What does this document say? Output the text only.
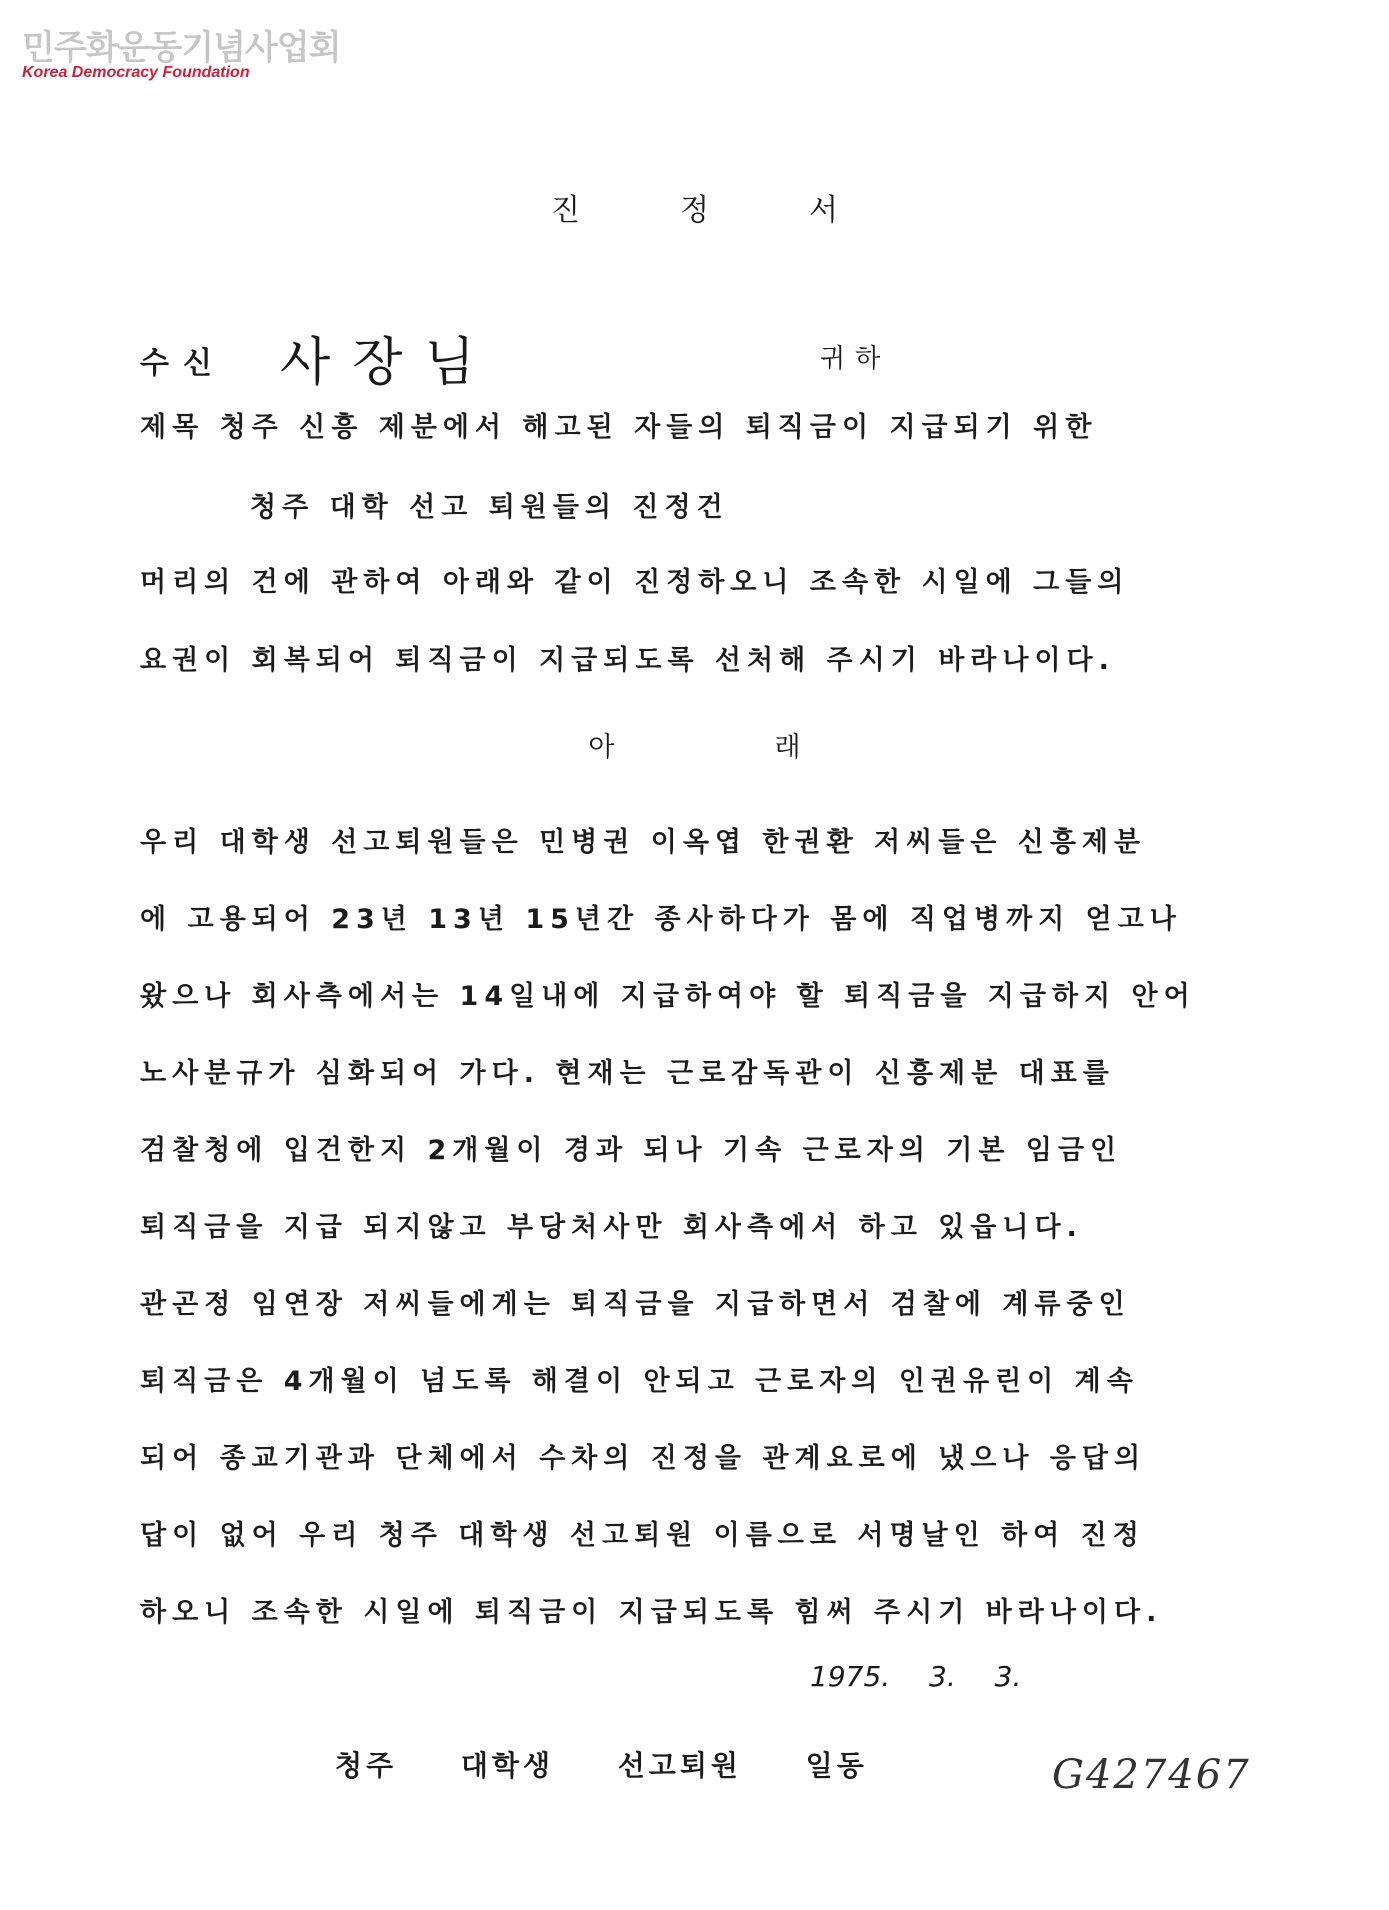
민주화운동기념사업회
Korea Democracy Foundation
진정서
수신 사장님	귀하
제목 청주 신흥 제분에서 해고된 자들의 퇴직금이 지급되기 위한
청주 대학 선고 퇴원들의 진정건
머리의 건에 관하여 아래와 같이 진정하오니 조속한 시일에 그들의
요권이 회복되어 퇴직금이 지급되도록 선처해 주시기 바라나이다.
아래
우리 대학생 선고퇴원들은 민병권 이옥엽 한권환 저씨들은 신흥제분
에 고용되어 23년 13년 15년간 종사하다가 몸에 직업병까지 얻고나
왔으나 회사측에서는 14일내에 지급하여야 할 퇴직금을 지급하지 안어
노사분규가 심화되어 가다. 현재는 근로감독관이 신흥제분 대표를
검찰청에 입건한지 2개월이 경과 되나 기속 근로자의 기본 임금인
퇴직금을 지급 되지않고 부당처사만 회사측에서 하고 있읍니다.
관곤정 임연장 저씨들에게는 퇴직금을 지급하면서 검찰에 계류중인
퇴직금은 4개월이 넘도록 해결이 안되고 근로자의 인권유린이 계속
되어 종교기관과 단체에서 수차의 진정을 관계요로에 냈으나 응답의
답이 없어 우리 청주 대학생 선고퇴원 이름으로 서명날인 하여 진정
하오니 조속한 시일에 퇴직금이 지급되도록 힘써 주시기 바라나이다.
1975. 3. 3.
청주 대학생 선고퇴원 일동	G427467
